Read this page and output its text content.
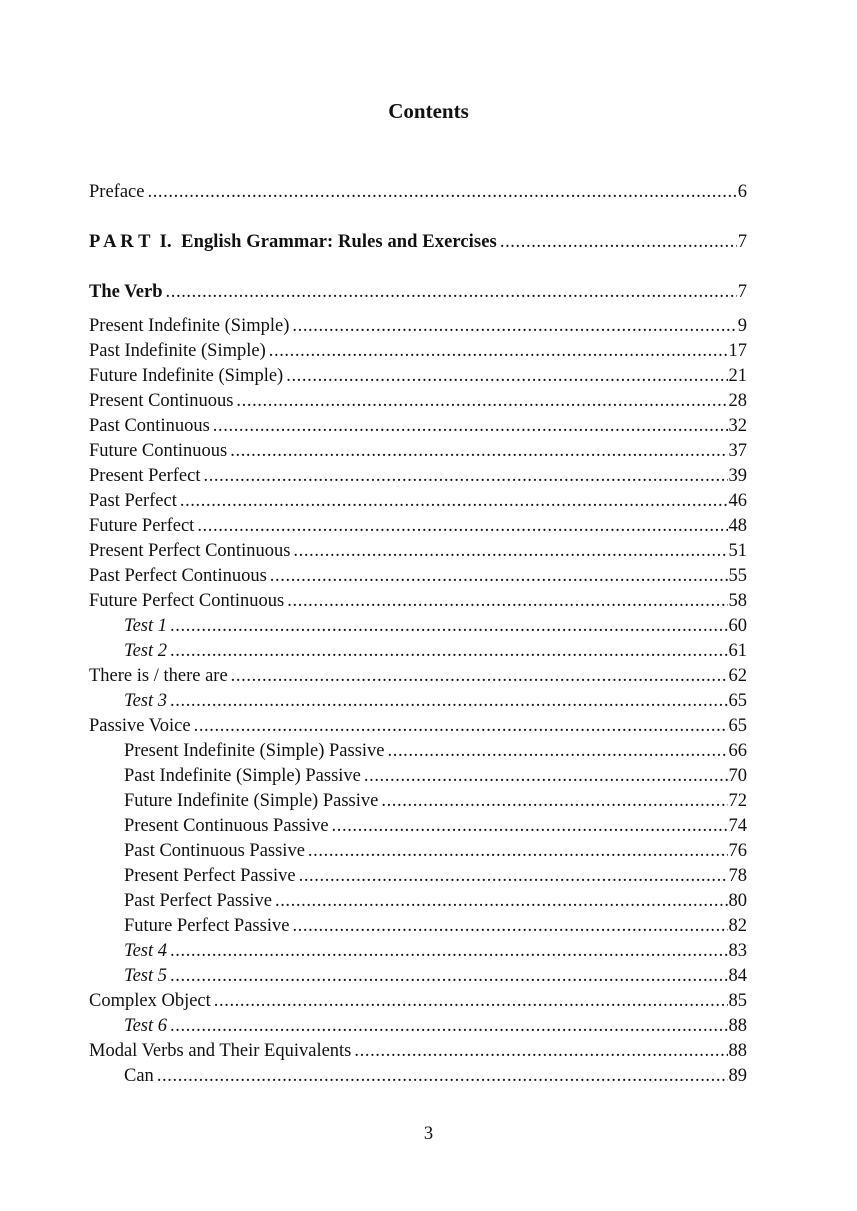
Contents
Preface .....	6
P A R T  I.  English Grammar: Rules and Exercises .....	7
The Verb .....	7
Present Indefinite (Simple) .....	9
Past Indefinite (Simple) .....	17
Future Indefinite (Simple) .....	21
Present Continuous .....	28
Past Continuous .....	32
Future Continuous .....	37
Present Perfect .....	39
Past Perfect .....	46
Future Perfect .....	48
Present Perfect Continuous .....	51
Past Perfect Continuous .....	55
Future Perfect Continuous .....	58
Test 1 .....	60
Test 2 .....	61
There is / there are .....	62
Test 3 .....	65
Passive Voice .....	65
Present Indefinite (Simple) Passive .....	66
Past Indefinite (Simple) Passive .....	70
Future Indefinite (Simple) Passive .....	72
Present Continuous Passive .....	74
Past Continuous Passive .....	76
Present Perfect Passive .....	78
Past Perfect Passive .....	80
Future Perfect Passive .....	82
Test 4 .....	83
Test 5 .....	84
Complex Object .....	85
Test 6 .....	88
Modal Verbs and Their Equivalents .....	88
Can .....	89
3
